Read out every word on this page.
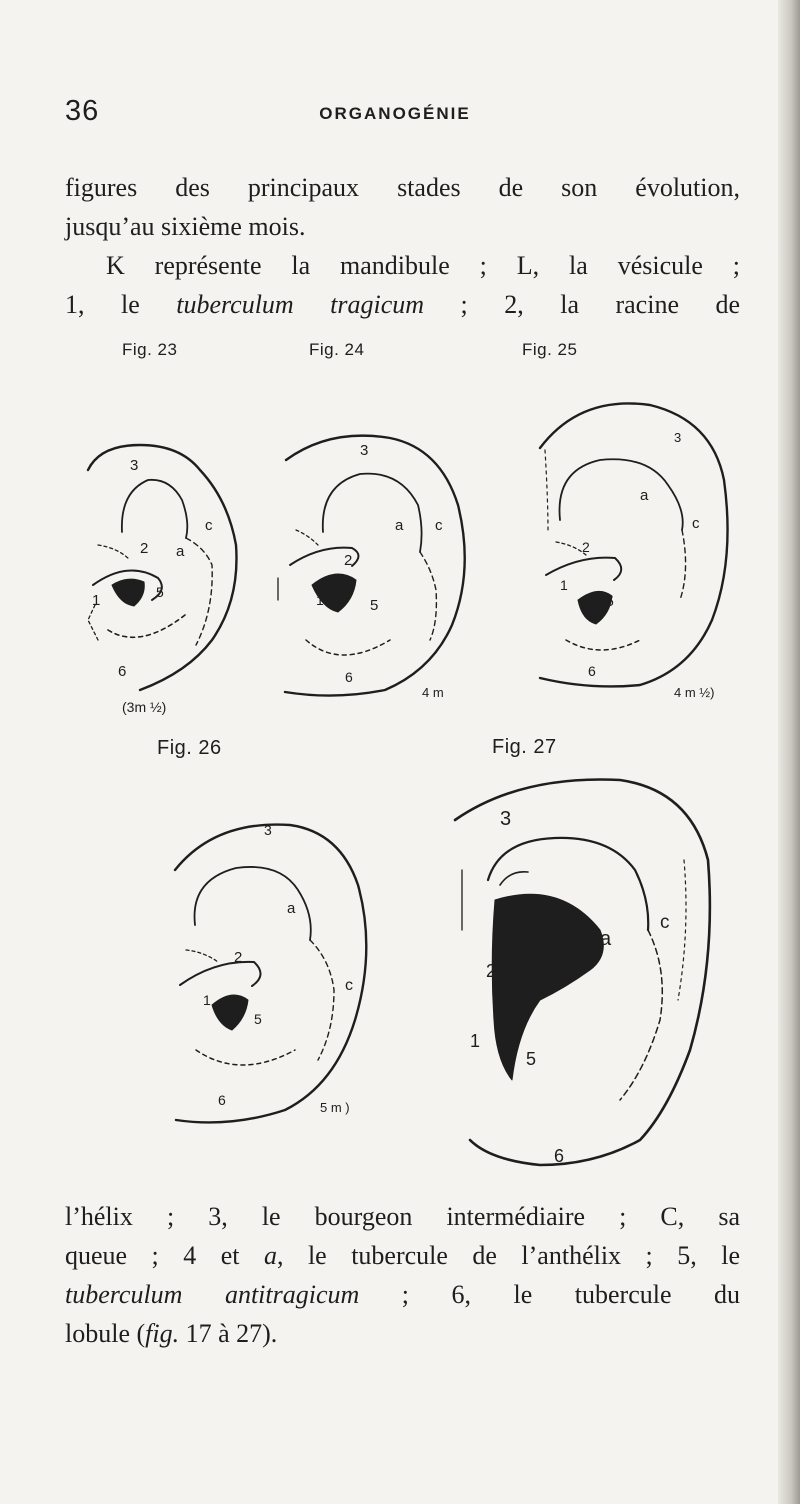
36	ORGANOGÉNIE
figures des principaux stades de son évolution,
jusqu’au sixième mois.
K représente la mandibule ; L, la vésicule ;
1, le tuberculum tragicum ; 2, la racine de
Fig. 23	Fig. 24	Fig. 25
Fig. 26	Fig. 27
3
c
2 a
1	5
6
(3m ½)
3
a c
2
1	5
6
4 m
3
a
c
2
1
5
6
4 m ½)
3
a
2
c
1
5
6	5 m )
3
c
a
2
1
5
6
l’hélix ; 3, le bourgeon intermédiaire ; C, sa
queue ; 4 et a, le tubercule de l’anthélix ; 5, le
tuberculum antitragicum ; 6, le tubercule du
lobule (fig. 17 à 27).
